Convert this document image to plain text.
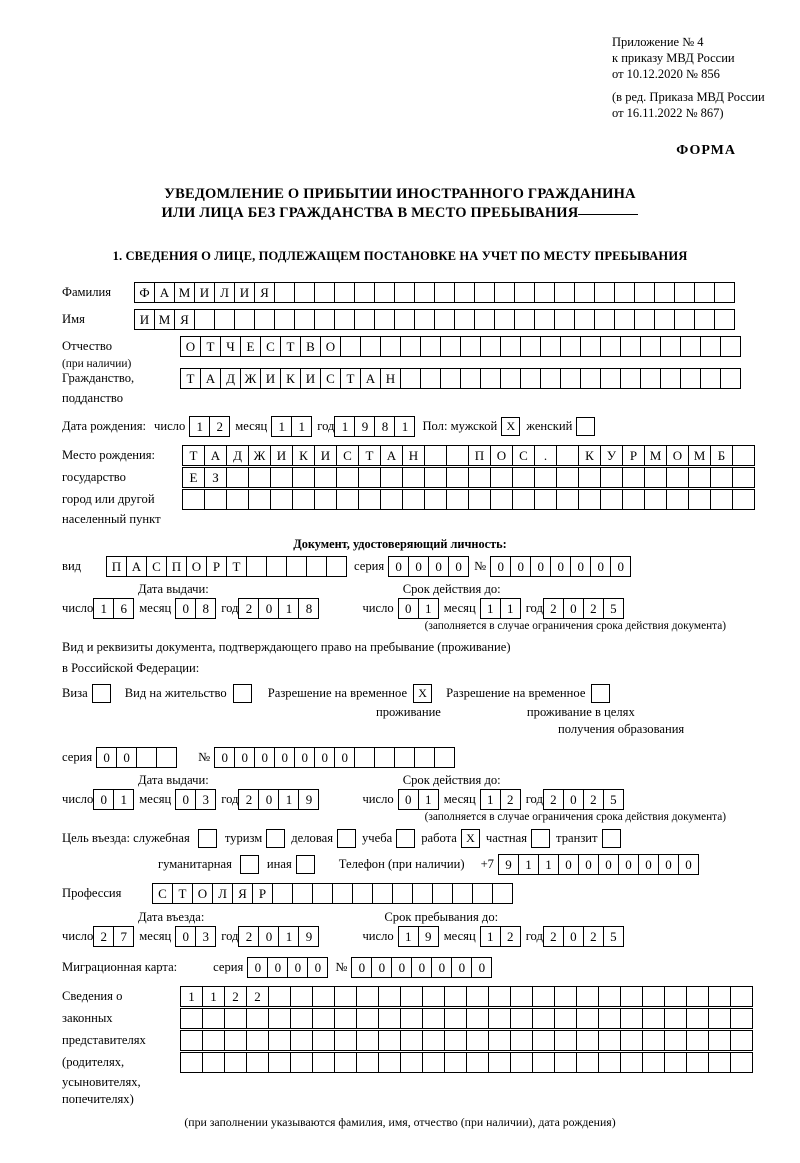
Приложение № 4
к приказу МВД России
от 10.12.2020 № 856
(в ред. Приказа МВД России
от 16.11.2022 № 867)
ФОРМА
УВЕДОМЛЕНИЕ О ПРИБЫТИИ ИНОСТРАННОГО ГРАЖДАНИНА
ИЛИ ЛИЦА БЕЗ ГРАЖДАНСТВА В МЕСТО ПРЕБЫВАНИЯ
1. СВЕДЕНИЯ О ЛИЦЕ, ПОДЛЕЖАЩЕМ ПОСТАНОВКЕ НА УЧЕТ ПО МЕСТУ ПРЕБЫВАНИЯ
Фамилия	Ф А М И Л И Я
Имя	И М Я
Отчество	О Т Ч Е С Т В О
(при наличии)
Гражданство,	Т А Д Ж И К И С Т А Н
подданство
Дата рождения: число 1	2 месяц 1	1 год 1	9	8	1	Пол: мужской X женский
Место рождения:	Т	А Д Ж И К И С	Т	А Н	П О С	.	К	У	Р М О М Б
государство	Е	З
город или другой
населенный пункт
Документ, удостоверяющий личность:
вид	П А С П О Р Т	серия 0	0	0	0 № 0	0	0	0	0	0	0
Дата выдачи:	Срок действия до:
число 1	6 месяц 0	8 год 2	0	1	8	число 0	1 месяц 1	1 год 2	0	2	5
(заполняется в случае ограничения срока действия документа)
Вид и реквизиты документа, подтверждающего право на пребывание (проживание)
в Российской Федерации:
Виза	Вид на жительство	Разрешение на временное X	Разрешение на временное
проживание	проживание в целях
получения образования
серия 0	0	№ 0	0	0	0	0	0	0
Дата выдачи:	Срок действия до:
число 0	1 месяц 0	3 год 2	0	1	9	число 0	1 месяц 1	2 год 2	0	2	5
(заполняется в случае ограничения срока действия документа)
Цель въезда: служебная	туризм деловая учеба работа X частная транзит
гуманитарная	иная	Телефон (при наличии) +7 9	1	1	0	0	0	0	0	0	0
Профессия	С Т О Л Я Р
Дата въезда:	Срок пребывания до:
число 2	7 месяц 0	3 год 2	0	1	9	число 1	9 месяц 1	2 год 2	0	2	5
Миграционная карта:	серия 0	0	0	0	№ 0	0	0	0	0	0	0
Сведения о	1	1	2	2
законных
представителях
(родителях,
усыновителях,
попечителях)
(при заполнении указываются фамилия, имя, отчество (при наличии), дата рождения)
